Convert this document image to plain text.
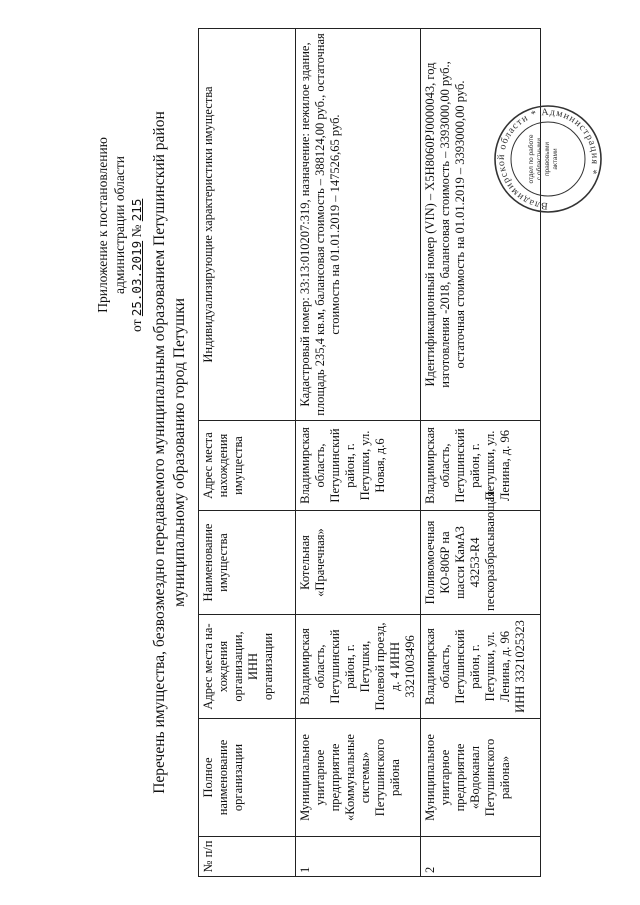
Приложение к постановлению администрации области
от 25.03.2019 № 215 Перечень имущества, безвозмездно передаваемого муниципальным образованием Петушинский район муниципальному образованию город Петушки
№ п/п	Полное наименование организации	Адрес места на-хождения организации, ИНН организации	Наименование имущества	Адрес места нахождения имущества	Индивидуализирующие характеристики имущества
1	Муниципальное унитарное предприятие «Коммунальные системы» Петушинского района	Владимирская область, Петушинский район, г. Петушки, Полевой проезд, д. 4 ИНН 3321003496	Котельная «Прачечная»	Владимирская область, Петушинский район, г. Петушки, ул. Новая, д.6	Кадастровый номер: 33:13:010207:319, назначение: нежилое здание, площадь 235,4 кв.м, балансовая стоимость – 388124,00 руб., остаточная стоимость на 01.01.2019 – 147526,65 руб.
2	Муниципальное унитарное предприятие «Водоканал Петушинского района»	Владимирская область, Петушинский район, г. Петушки, ул. Ленина, д. 96 ИНН 3321025323	Поливомоечная КО-806Р на шасси КамАЗ 43253-R4 пескоразбрасывающая	Владимирская область, Петушинский район, г. Петушки, ул. Ленина, д. 96	Идентификационный номер (VIN) – X5H8060PJ0000043, год изготовления -2018, балансовая стоимость – 3393000,00 руб., остаточная стоимость на 01.01.2019 – 3393000,00 руб.	Владимирской области * Администрация *
отдел по работе с областными правовыми актами
